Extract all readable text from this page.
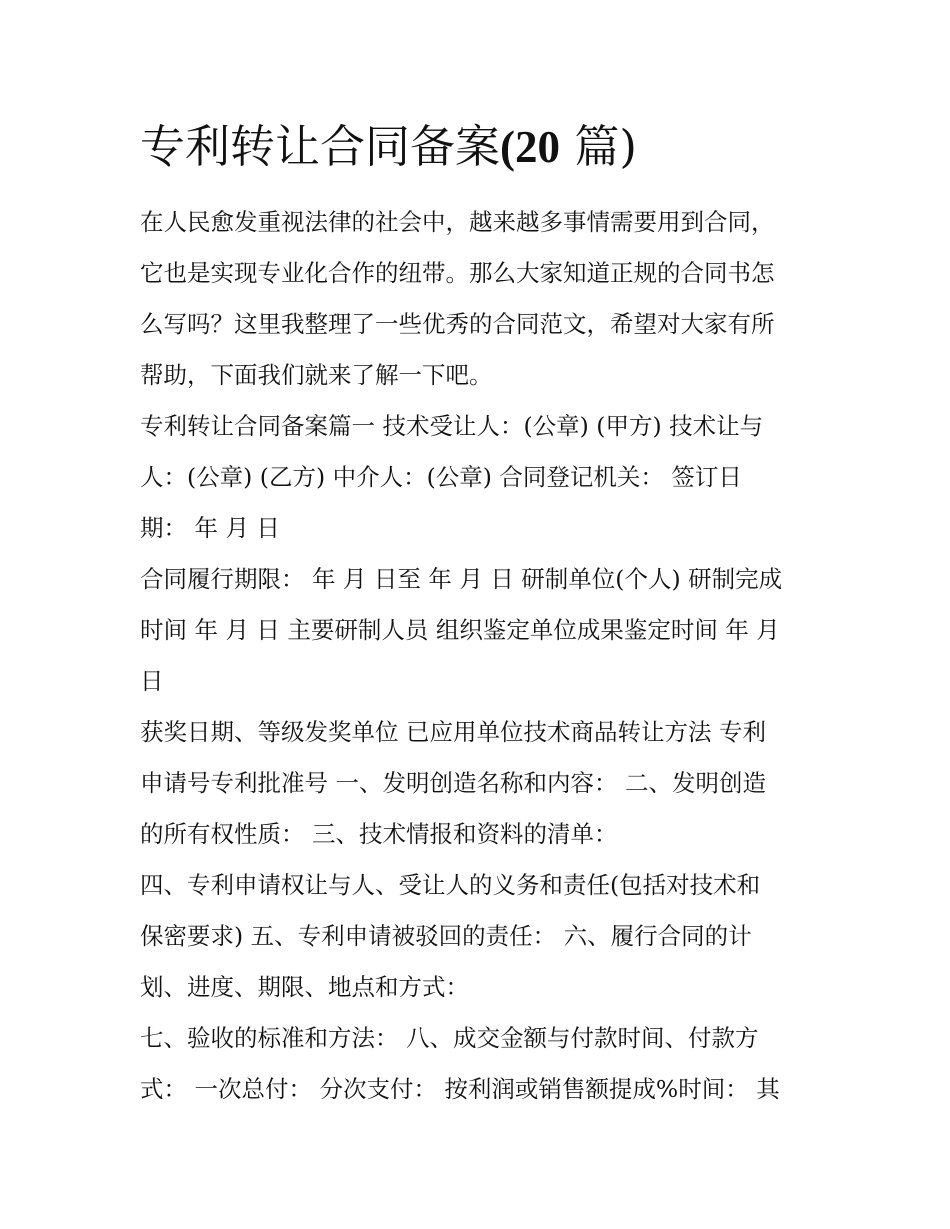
专利转让合同备案(20 篇)
在人民愈发重视法律的社会中，越来越多事情需要用到合同，
它也是实现专业化合作的纽带。那么大家知道正规的合同书怎
么写吗？这里我整理了一些优秀的合同范文，希望对大家有所
帮助，下面我们就来了解一下吧。
专利转让合同备案篇一 技术受让人：(公章) (甲方) 技术让与
人：(公章) (乙方) 中介人：(公章) 合同登记机关： 签订日
期： 年 月 日
合同履行期限： 年 月 日至 年 月 日 研制单位(个人) 研制完成
时间 年 月 日 主要研制人员 组织鉴定单位成果鉴定时间 年 月
日
获奖日期、等级发奖单位 已应用单位技术商品转让方法 专利
申请号专利批准号 一、发明创造名称和内容： 二、发明创造
的所有权性质： 三、技术情报和资料的清单：
四、专利申请权让与人、受让人的义务和责任(包括对技术和
保密要求) 五、专利申请被驳回的责任： 六、履行合同的计
划、进度、期限、地点和方式：
七、验收的标准和方法： 八、成交金额与付款时间、付款方
式： 一次总付： 分次支付： 按利润或销售额提成%时间： 其
